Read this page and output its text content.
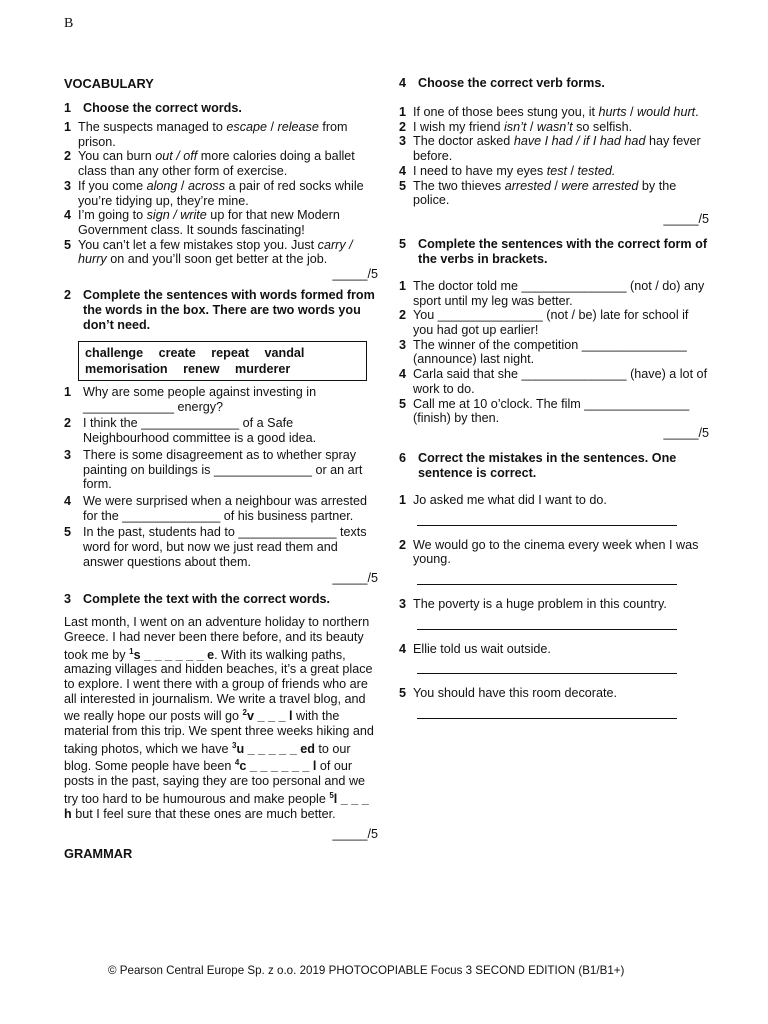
B
VOCABULARY
1 Choose the correct words.
1 The suspects managed to escape / release from prison.
2 You can burn out / off more calories doing a ballet class than any other form of exercise.
3 If you come along / across a pair of red socks while you’re tidying up, they’re mine.
4 I’m going to sign / write up for that new Modern Government class. It sounds fascinating!
5 You can’t let a few mistakes stop you. Just carry / hurry on and you’ll soon get better at the job.
_____/5
2 Complete the sentences with words formed from the words in the box. There are two words you don’t need.
challenge create repeat vandal
memorisation renew murderer
1 Why are some people against investing in _____________ energy?
2 I think the ______________ of a Safe Neighbourhood committee is a good idea.
3 There is some disagreement as to whether spray painting on buildings is ______________ or an art form.
4 We were surprised when a neighbour was arrested for the ______________ of his business partner.
5 In the past, students had to ______________ texts word for word, but now we just read them and answer questions about them.
_____/5
3 Complete the text with the correct words.
Last month, I went on an adventure holiday to northern Greece. I had never been there before, and its beauty took me by $^1$s _ _ _ _ _ _ e. With its walking paths, amazing villages and hidden beaches, it’s a great place to explore. I went there with a group of friends who are all interested in journalism. We write a travel blog, and we really hope our posts will go $^2$v _ _ _ l with the material from this trip. We spent three weeks hiking and taking photos, which we have $^3$u _ _ _ _ _ ed to our blog. Some people have been $^4$c _ _ _ _ _ _ l of our posts in the past, saying they are too personal and we try too hard to be humourous and make people $^5$l _ _ _ h but I feel sure that these ones are much better.
_____/5
GRAMMAR
4 Choose the correct verb forms.
1 If one of those bees stung you, it hurts / would hurt.
2 I wish my friend isn’t / wasn’t so selfish.
3 The doctor asked have I had / if I had had hay fever before.
4 I need to have my eyes test / tested.
5 The two thieves arrested / were arrested by the police.
_____/5
5 Complete the sentences with the correct form of the verbs in brackets.
1 The doctor told me _______________ (not / do) any sport until my leg was better.
2 You _______________ (not / be) late for school if you had got up earlier!
3 The winner of the competition _______________ (announce) last night.
4 Carla said that she _______________ (have) a lot of work to do.
5 Call me at 10 o’clock. The film _______________ (finish) by then.
_____/5
6 Correct the mistakes in the sentences. One sentence is correct.
1 Jo asked me what did I want to do.
2 We would go to the cinema every week when I was young.
3 The poverty is a huge problem in this country.
4 Ellie told us wait outside.
5 You should have this room decorate.
© Pearson Central Europe Sp. z o.o. 2019 PHOTOCOPIABLE Focus 3 SECOND EDITION (B1/B1+)
